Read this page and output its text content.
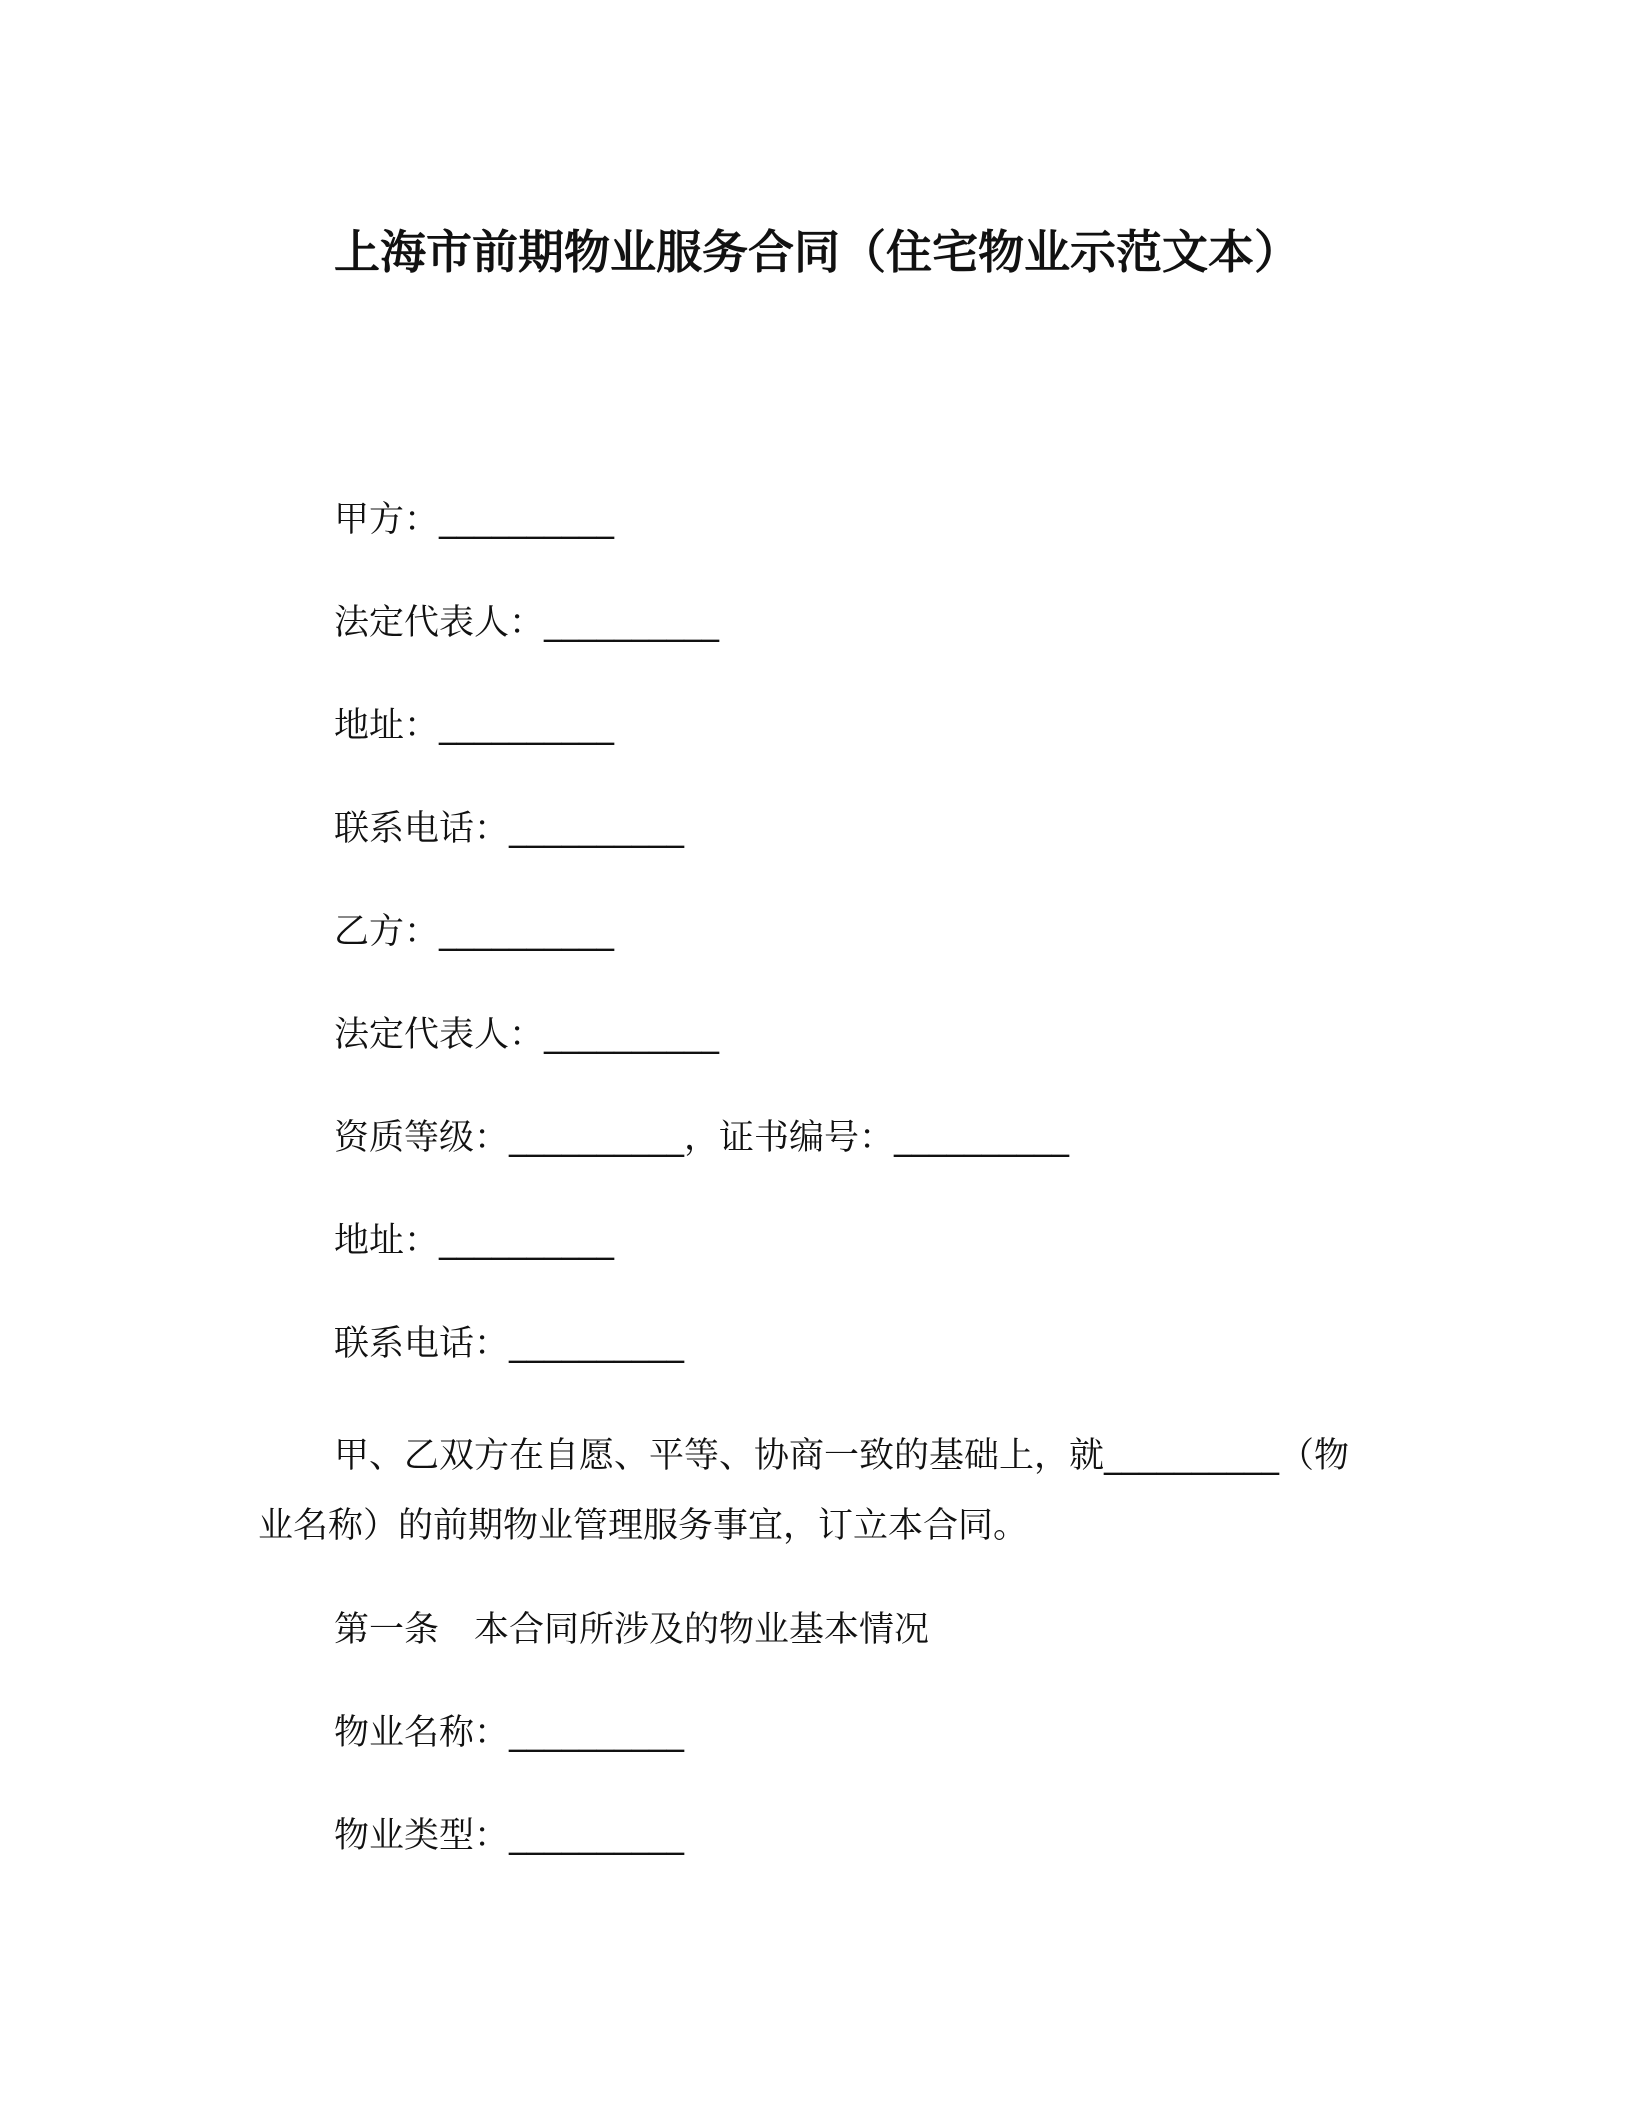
上海市前期物业服务合同（住宅物业示范文本）
甲方：__________
法定代表人：__________
地址：__________
联系电话：__________
乙方：__________
法定代表人：__________
资质等级：__________，证书编号：__________
地址：__________
联系电话：__________
甲、乙双方在自愿、平等、协商一致的基础上，就__________（物业名称）的前期物业管理服务事宜，订立本合同。
第一条　本合同所涉及的物业基本情况
物业名称：__________
物业类型：__________
